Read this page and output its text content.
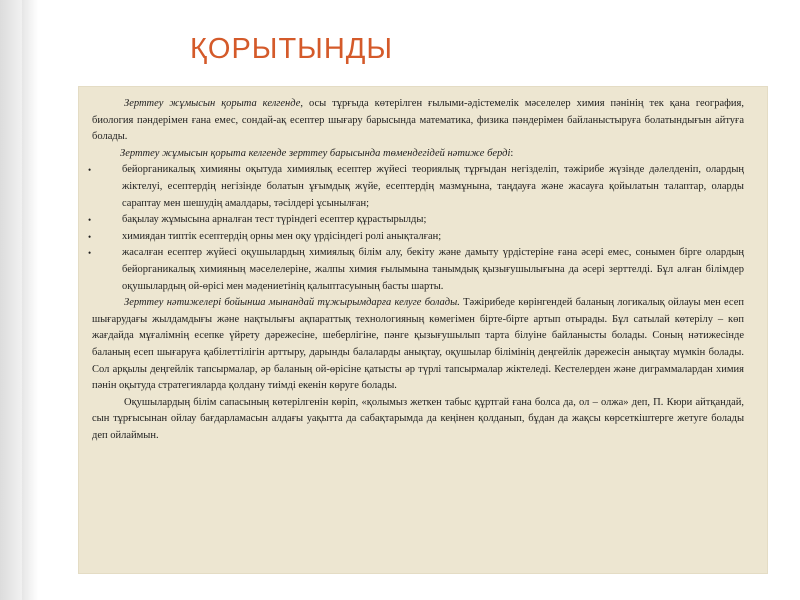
ҚОРЫТЫНДЫ

Зерттеу жұмысын қорыта келгенде, осы тұрғыда көтерілген ғылыми-әдістемелік мәселелер химия пәнінің тек қана география, биология пәндерімен ғана емес, сондай-ақ есептер шығару барысында математика, физика пәндерімен байланыстыруға болатындығын айтуға болады.

Зерттеу жұмысын қорыта келгенде зерттеу барысында төмендегідей нәтиже берді:

•	бейорганикалық химияны оқытуда химиялық есептер жүйесі теориялық тұрғыдан негізделіп, тәжірибе жүзінде дәлелденіп, олардың жіктелуі, есептердің негізінде болатын ұғымдық жүйе, есептердің мазмұнына, таңдауға және жасауға қойылатын талаптар, оларды сараптау мен шешудің амалдары, тәсілдері ұсынылған;
•	бақылау жұмысына арналған тест түріндегі есептер құрастырылды;
•	химиядан типтік есептердің орны мен оқу үрдісіндегі ролі анықталған;
•	жасалған есептер жүйесі оқушылардың химиялық білім алу, бекіту және дамыту үрдістеріне ғана әсері емес, сонымен бірге олардың бейорганикалық химияның мәселелеріне, жалпы химия ғылымына танымдық қызығушылығына да әсері зерттелді. Бұл алған білімдер оқушылардың ой-өрісі мен мәдениетінің қалыптасуының басты шарты.

Зерттеу нәтижелері бойынша мынандай тұжырымдарға келуге болады. Тәжірибеде көрінгендей баланың логикалық ойлауы мен есеп шығарудағы жылдамдығы және нақтылығы ақпараттық технологияның көмегімен бірте-бірте артып отырады. Бұл сатылай көтерілу – көп жағдайда мұғалімнің есепке үйрету дәрежесіне, шеберлігіне, пәнге қызығушылып тарта білуіне байланысты болады. Соның нәтижесінде баланың есеп шығаруға қабілеттілігін арттыру, дарынды балаларды анықтау, оқушылар білімінің деңгейлік дәрежесін анықтау мүмкін болады. Сол арқылы деңгейлік тапсырмалар, әр баланың ой-өрісіне қатысты әр түрлі тапсырмалар жіктеледі. Кестелерден және диграммалардан химия пәнін оқытуда стратегияларда қолдану тиімді екенін көруге болады.

Оқушылардың білім сапасының көтерілгенін көріп, «қолымыз жеткен табыс құртгай ғана болса да, ол – олжа» деп, П. Кюри айтқандай, сын тұрғысынан ойлау бағдарламасын алдағы уақытта да сабақтарымда да кеңінен қолданып, бұдан да жақсы көрсеткіштерге жетуге болады деп ойлаймын.
